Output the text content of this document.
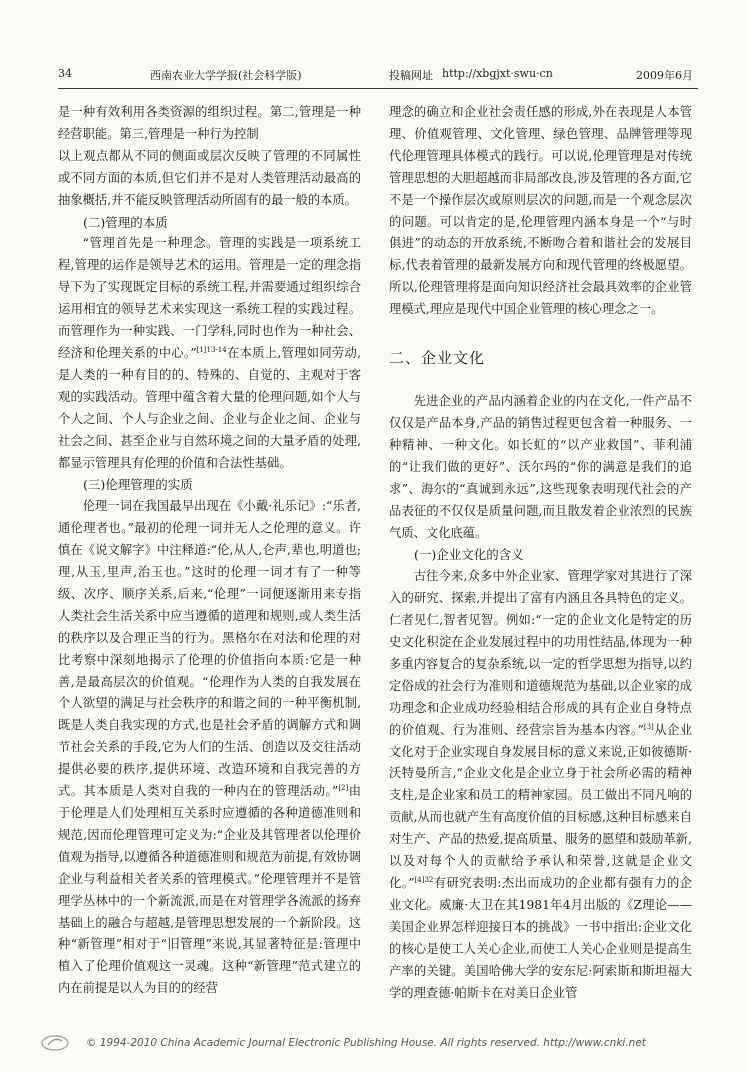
34	西南农业大学学报(社会科学版)	投稿网址 http://xbgjxt·swu·cn	2009年6月

是一种有效利用各类资源的组织过程。第二,管理是一种经营职能。第三,管理是一种行为控制

以上观点都从不同的侧面或层次反映了管理的不同属性或不同方面的本质,但它们并不是对人类管理活动最高的抽象概括,并不能反映管理活动所固有的最一般的本质。

(二)管理的本质

“管理首先是一种理念。管理的实践是一项系统工程,管理的运作是领导艺术的运用。管理是一定的理念指导下为了实现既定目标的系统工程,并需要通过组织综合运用相宜的领导艺术来实现这一系统工程的实践过程。而管理作为一种实践、一门学科,同时也作为一种社会、经济和伦理关系的中心。”$^{[1]13-14}$在本质上,管理如同劳动,是人类的一种有目的的、特殊的、自觉的、主观对于客观的实践活动。管理中蕴含着大量的伦理问题,如个人与个人之间、个人与企业之间、企业与企业之间、企业与社会之间、甚至企业与自然环境之间的大量矛盾的处理,都显示管理具有伦理的价值和合法性基础。

(三)伦理管理的实质

伦理一词在我国最早出现在《小戴·礼乐记》:“乐者,通伦理者也。”最初的伦理一词并无人之伦理的意义。许慎在《说文解字》中注释道:“伦,从人,仑声,辈也,明道也;理,从玉,里声,治玉也。”这时的伦理一词才有了一种等级、次序、顺序关系,后来,“伦理”一词便逐渐用来专指人类社会生活关系中应当遵循的道理和规则,或人类生活的秩序以及合理正当的行为。黑格尔在对法和伦理的对比考察中深刻地揭示了伦理的价值指向本质:它是一种善,是最高层次的价值观。“伦理作为人类的自我发展在个人欲望的满足与社会秩序的和谐之间的一种平衡机制,既是人类自我实现的方式,也是社会矛盾的调解方式和调节社会关系的手段,它为人们的生活、创造以及交往活动提供必要的秩序,提供环境、改造环境和自我完善的方式。其本质是人类对自我的一种内在的管理活动。”[2]由于伦理是人们处理相互关系时应遵循的各种道德准则和规范,因而伦理管理可定义为:“企业及其管理者以伦理价值观为指导,以遵循各种道德准则和规范为前提,有效协调企业与利益相关者关系的管理模式。”伦理管理并不是管理学丛林中的一个新流派,而是在对管理学各流派的扬弃基础上的融合与超越,是管理思想发展的一个新阶段。这种“新管理”相对于“旧管理”来说,其显著特征是:管理中植入了伦理价值观这一灵魂。这种“新管理”范式建立的内在前提是以人为目的的经营

理念的确立和企业社会责任感的形成,外在表现是人本管理、价值观管理、文化管理、绿色管理、品牌管理等现代伦理管理具体模式的践行。可以说,伦理管理是对传统管理思想的大胆超越而非局部改良,涉及管理的各方面,它不是一个操作层次或原则层次的问题,而是一个观念层次的问题。可以肯定的是,伦理管理内涵本身是一个“与时俱进”的动态的开放系统,不断吻合着和谐社会的发展目标,代表着管理的最新发展方向和现代管理的终极愿望。所以,伦理管理将是面向知识经济社会最具效率的企业管理模式,理应是现代中国企业管理的核心理念之一。

二、企业文化

先进企业的产品内涵着企业的内在文化,一件产品不仅仅是产品本身,产品的销售过程更包含着一种服务、一种精神、一种文化。如长虹的“以产业救国”、菲利浦的“让我们做的更好”、沃尔玛的“你的满意是我们的追求”、海尔的“真诚到永远”,这些现象表明现代社会的产品表征的不仅仅是质量问题,而且散发着企业浓烈的民族气质、文化底蕴。

(一)企业文化的含义

古往今来,众多中外企业家、管理学家对其进行了深入的研究、探索,并提出了富有内涵且各具特色的定义。仁者见仁,智者见智。例如:“一定的企业文化是特定的历史文化积淀在企业发展过程中的功用性结晶,体现为一种多重内容复合的复杂系统,以一定的哲学思想为指导,以约定俗成的社会行为准则和道德规范为基础,以企业家的成功理念和企业成功经验相结合形成的具有企业自身特点的价值观、行为准则、经营宗旨为基本内容。”[3]从企业文化对于企业实现自身发展目标的意义来说,正如彼德斯·沃特曼所言,“企业文化是企业立身于社会所必需的精神支柱,是企业家和员工的精神家园。员工做出不同凡响的贡献,从而也就产生有高度价值的目标感,这种目标感来自对生产、产品的热爱,提高质量、服务的愿望和鼓励革新,以及对每个人的贡献给予承认和荣誉,这就是企业文化。”$^{[4]32}$有研究表明:杰出而成功的企业都有强有力的企业文化。威廉·大卫在其1981年4月出版的《Z理论——美国企业界怎样迎接日本的挑战》一书中指出:企业文化的核心是使工人关心企业,而使工人关心企业则是提高生产率的关键。美国哈佛大学的安东尼·阿索斯和斯坦福大学的理查德·帕斯卡在对美日企业管

© 1994-2010 China Academic Journal Electronic Publishing House. All rights reserved. http://www.cnki.net
